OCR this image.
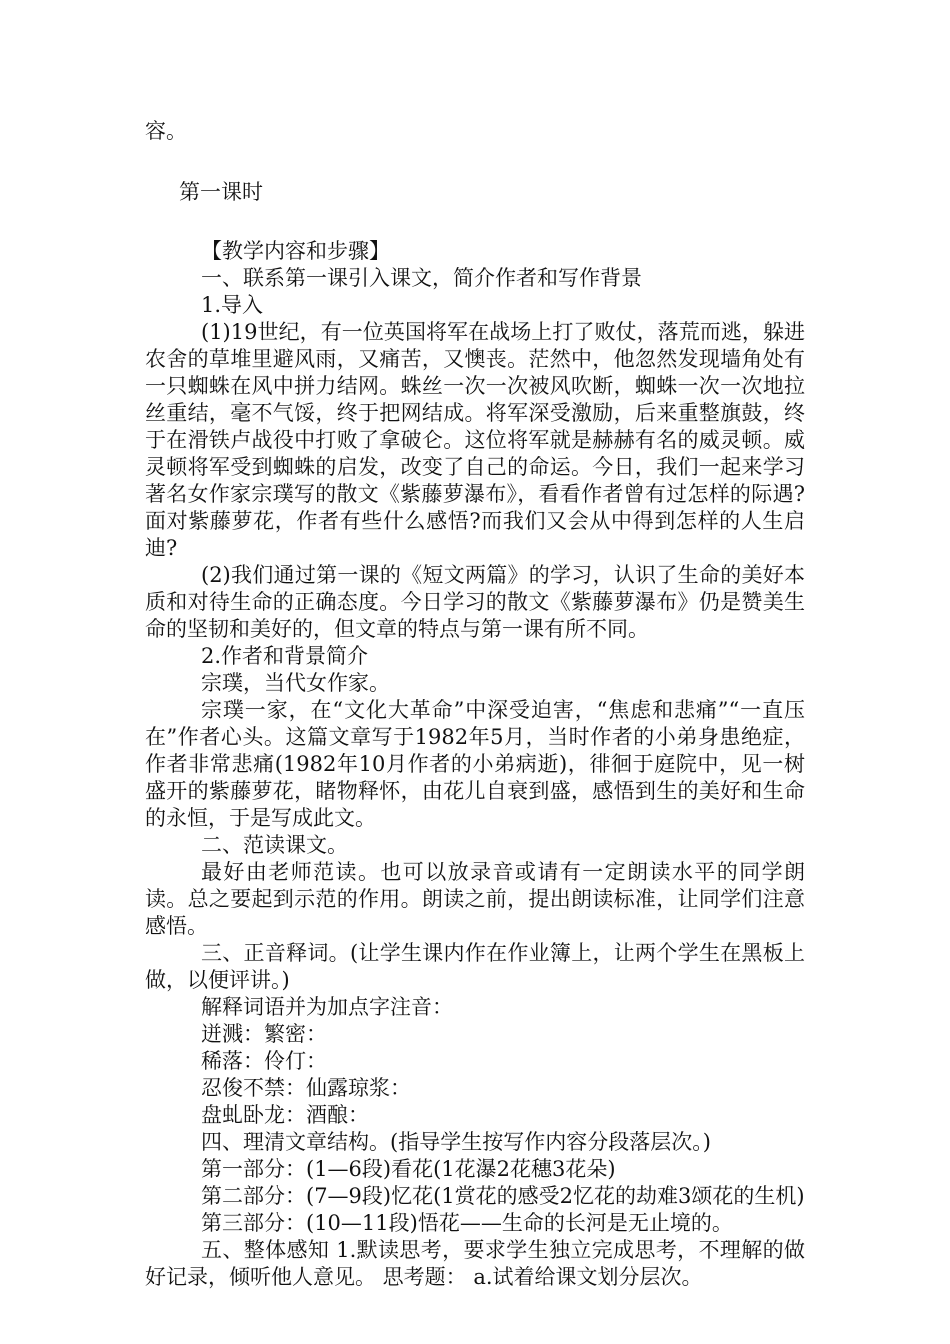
容。

第一课时

【教学内容和步骤】

一、联系第一课引入课文，简介作者和写作背景

1.导入

(1)19世纪，有一位英国将军在战场上打了败仗，落荒而逃，躲进农舍的草堆里避风雨，又痛苦，又懊丧。茫然中，他忽然发现墙角处有一只蜘蛛在风中拼力结网。蛛丝一次一次被风吹断，蜘蛛一次一次地拉丝重结，毫不气馁，终于把网结成。将军深受激励，后来重整旗鼓，终于在滑铁卢战役中打败了拿破仑。这位将军就是赫赫有名的威灵顿。威灵顿将军受到蜘蛛的启发，改变了自己的命运。今日，我们一起来学习著名女作家宗璞写的散文《紫藤萝瀑布》，看看作者曾有过怎样的际遇?面对紫藤萝花，作者有些什么感悟?而我们又会从中得到怎样的人生启迪?

(2)我们通过第一课的《短文两篇》的学习，认识了生命的美好本质和对待生命的正确态度。今日学习的散文《紫藤萝瀑布》仍是赞美生命的坚韧和美好的，但文章的特点与第一课有所不同。

2.作者和背景简介

宗璞，当代女作家。

宗璞一家，在“文化大革命”中深受迫害，“焦虑和悲痛”“一直压在”作者心头。这篇文章写于1982年5月，当时作者的小弟身患绝症，作者非常悲痛(1982年10月作者的小弟病逝)，徘徊于庭院中，见一树盛开的紫藤萝花，睹物释怀，由花儿自衰到盛，感悟到生的美好和生命的永恒，于是写成此文。

二、范读课文。

最好由老师范读。也可以放录音或请有一定朗读水平的同学朗读。总之要起到示范的作用。朗读之前，提出朗读标准，让同学们注意感悟。

三、正音释词。(让学生课内作在作业簿上，让两个学生在黑板上做，以便评讲。)

解释词语并为加点字注音：

迸溅：繁密：

稀落：伶仃：

忍俊不禁：仙露琼浆：

盘虬卧龙：酒酿：

四、理清文章结构。(指导学生按写作内容分段落层次。)

第一部分：(1—6段)看花(1花瀑2花穗3花朵)

第二部分：(7—9段)忆花(1赏花的感受2忆花的劫难3颂花的生机)

第三部分：(10—11段)悟花——生命的长河是无止境的。

五、整体感知 1.默读思考，要求学生独立完成思考，不理解的做好记录，倾听他人意见。 思考题： a.试着给课文划分层次。
